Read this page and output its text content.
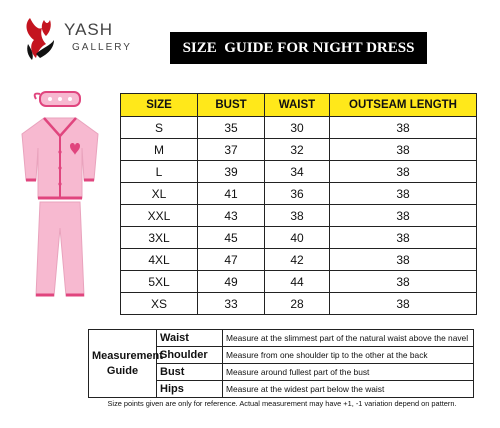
YASH
GALLERY	SIZE  GUIDE FOR NIGHT DRESS
SIZE	BUST	WAIST	OUTSEAM LENGTH
S	35	30	38
M	37	32	38
L	39	34	38
XL	41	36	38
XXL	43	38	38
3XL	45	40	38
4XL	47	42	38
5XL	49	44	38
XS	33	28	38
Measurement Guide	Waist	Measure at the slimmest part of the natural waist above the navel
	Shoulder	Measure from one shoulder tip to the other at the back
	Bust	Measure around fullest part of the bust
	Hips	Measure at the widest part below the waist
Size points given are only for reference. Actual measurement may have +1, -1 variation depend on pattern.
